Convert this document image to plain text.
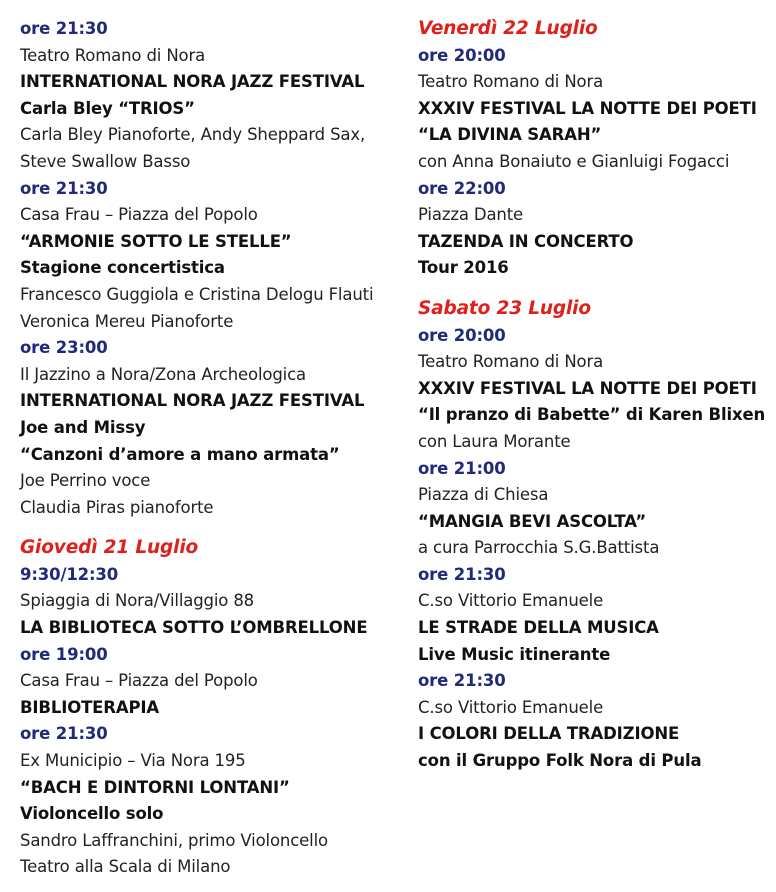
ore 21:30
Teatro Romano di Nora
INTERNATIONAL NORA JAZZ FESTIVAL
Carla Bley “TRIOS”
Carla Bley Pianoforte, Andy Sheppard Sax,
Steve Swallow Basso
ore 21:30
Casa Frau – Piazza del Popolo
“ARMONIE SOTTO LE STELLE”
Stagione concertistica
Francesco Guggiola e Cristina Delogu Flauti
Veronica Mereu Pianoforte
ore 23:00
Il Jazzino a Nora/Zona Archeologica
INTERNATIONAL NORA JAZZ FESTIVAL
Joe and Missy
“Canzoni d’amore a mano armata”
Joe Perrino voce
Claudia Piras pianoforte
Giovedì 21 Luglio
9:30/12:30
Spiaggia di Nora/Villaggio 88
LA BIBLIOTECA SOTTO L’OMBRELLONE
ore 19:00
Casa Frau – Piazza del Popolo
BIBLIOTERAPIA
ore 21:30
Ex Municipio – Via Nora 195
“BACH E DINTORNI LONTANI”
Violoncello solo
Sandro Laffranchini, primo Violoncello
Teatro alla Scala di Milano
Venerdì 22 Luglio
ore 20:00
Teatro Romano di Nora
XXXIV FESTIVAL LA NOTTE DEI POETI
“LA DIVINA SARAH”
con Anna Bonaiuto e Gianluigi Fogacci
ore 22:00
Piazza Dante
TAZENDA IN CONCERTO
Tour 2016
Sabato 23 Luglio
ore 20:00
Teatro Romano di Nora
XXXIV FESTIVAL LA NOTTE DEI POETI
“Il pranzo di Babette” di Karen Blixen
con Laura Morante
ore 21:00
Piazza di Chiesa
“MANGIA BEVI ASCOLTA”
a cura Parrocchia S.G.Battista
ore 21:30
C.so Vittorio Emanuele
LE STRADE DELLA MUSICA
Live Music itinerante
ore 21:30
C.so Vittorio Emanuele
I COLORI DELLA TRADIZIONE
con il Gruppo Folk Nora di Pula
